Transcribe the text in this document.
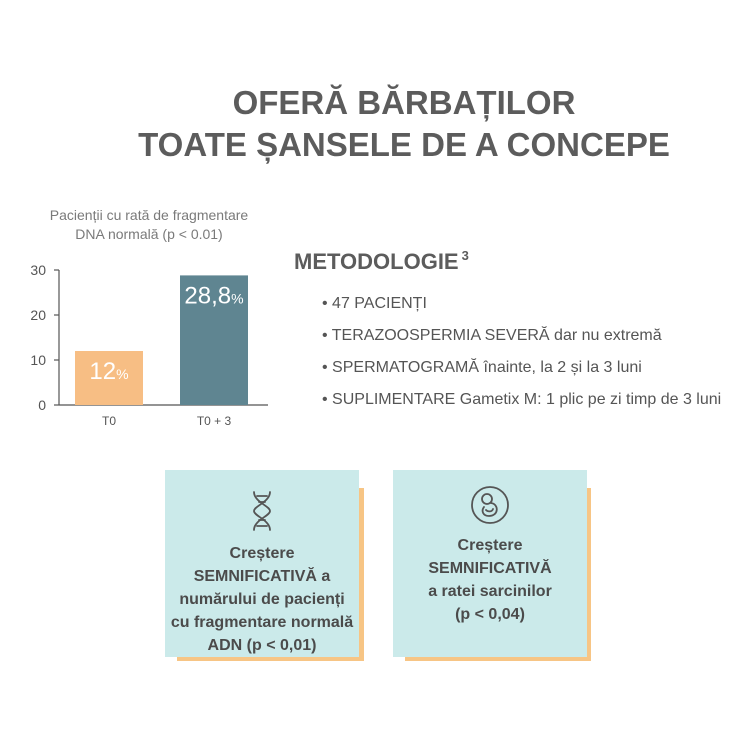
OFERĂ BĂRBAȚILOR
TOATE ȘANSELE DE A CONCEPE
Pacienții cu rată de fragmentare
DNA normală (p < 0.01)
0
10
20
30
12%
T0
28,8%
T0 + 3
METODOLOGIE $^3$
• 47 PACIENȚI
• TERAZOOSPERMIA SEVERĂ dar nu extremă
• SPERMATOGRAMĂ înainte, la 2 și la 3 luni
• SUPLIMENTARE Gametix M: 1 plic pe zi timp de 3 luni
Creștere
SEMNIFICATIVĂ a
numărului de pacienți
cu fragmentare normală
ADN (p < 0,01)
Creștere
SEMNIFICATIVĂ
a ratei sarcinilor
(p < 0,04)
